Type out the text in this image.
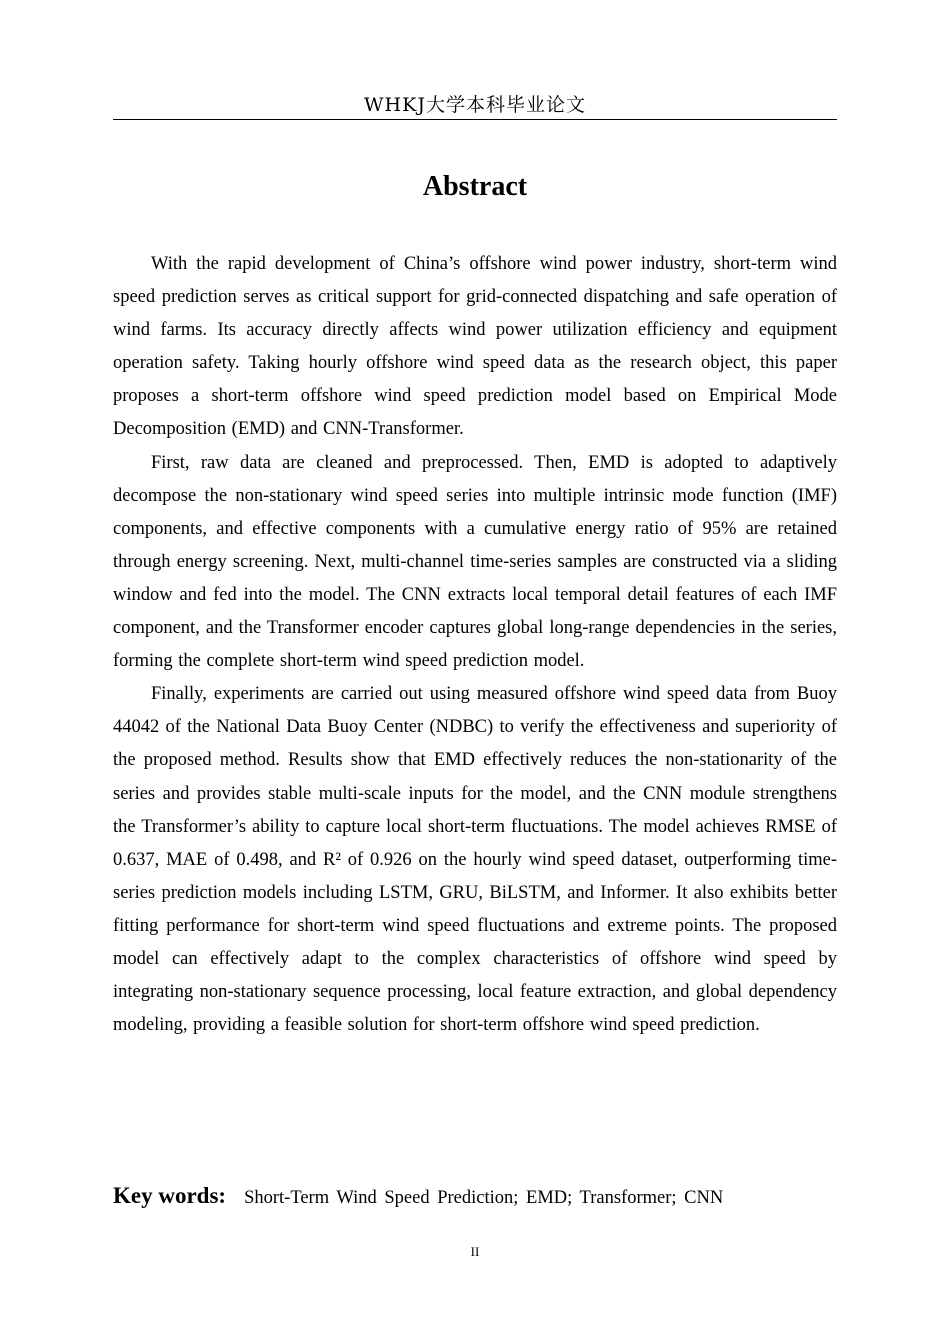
WHKJ大学本科毕业论文
Abstract

With the rapid development of China’s offshore wind power industry, short-term wind speed prediction serves as critical support for grid-connected dispatching and safe operation of wind farms. Its accuracy directly affects wind power utilization efficiency and equipment operation safety. Taking hourly offshore wind speed data as the research object, this paper proposes a short-term offshore wind speed prediction model based on Empirical Mode Decomposition (EMD) and CNN-Transformer.

First, raw data are cleaned and preprocessed. Then, EMD is adopted to adaptively decompose the non-stationary wind speed series into multiple intrinsic mode function (IMF) components, and effective components with a cumulative energy ratio of 95% are retained through energy screening. Next, multi-channel time-series samples are constructed via a sliding window and fed into the model. The CNN extracts local temporal detail features of each IMF component, and the Transformer encoder captures global long-range dependencies in the series, forming the complete short-term wind speed prediction model.

Finally, experiments are carried out using measured offshore wind speed data from Buoy 44042 of the National Data Buoy Center (NDBC) to verify the effectiveness and superiority of the proposed method. Results show that EMD effectively reduces the non-stationarity of the series and provides stable multi-scale inputs for the model, and the CNN module strengthens the Transformer’s ability to capture local short-term fluctuations. The model achieves RMSE of 0.637, MAE of 0.498, and R² of 0.926 on the hourly wind speed dataset, outperforming time-series prediction models including LSTM, GRU, BiLSTM, and Informer. It also exhibits better fitting performance for short-term wind speed fluctuations and extreme points. The proposed model can effectively adapt to the complex characteristics of offshore wind speed by integrating non-stationary sequence processing, local feature extraction, and global dependency modeling, providing a feasible solution for short-term offshore wind speed prediction.

Key words: Short-Term Wind Speed Prediction; EMD; Transformer; CNN
II
